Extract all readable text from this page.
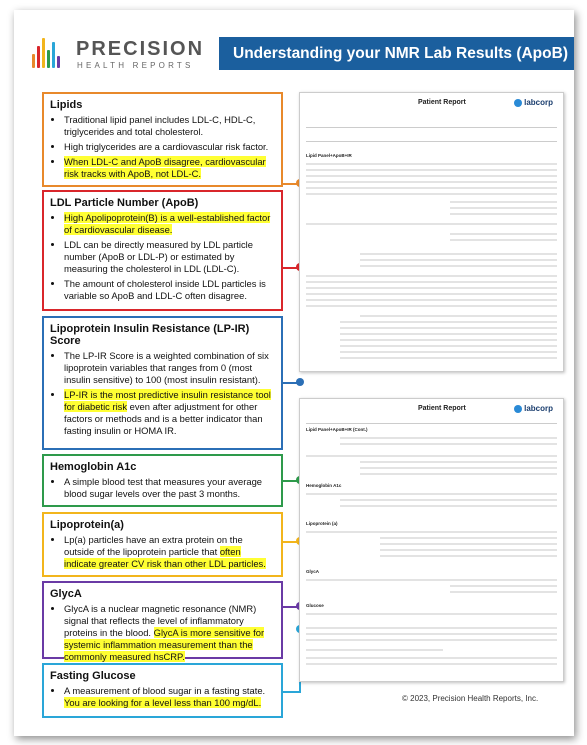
PRECISION
HEALTH REPORTS
Understanding your NMR Lab Results (ApoB)
Lipids
• Traditional lipid panel includes LDL-C, HDL-C, triglycerides and total cholesterol.
• High triglycerides are a cardiovascular risk factor.
• When LDL-C and ApoB disagree, cardiovascular risk tracks with ApoB, not LDL-C.
LDL Particle Number (ApoB)
• High Apolipoprotein(B) is a well-established factor of cardiovascular disease.
• LDL can be directly measured by LDL particle number (ApoB or LDL-P) or estimated by measuring the cholesterol in LDL (LDL-C).
• The amount of cholesterol inside LDL particles is variable so ApoB and LDL-C often disagree.
Lipoprotein Insulin Resistance (LP-IR) Score
• The LP-IR Score is a weighted combination of six lipoprotein variables that ranges from 0 (most insulin sensitive) to 100 (most insulin resistant).
• LP-IR is the most predictive insulin resistance tool for diabetic risk even after adjustment for other factors or methods and is a better indicator than fasting insulin or HOMA IR.
Hemoglobin A1c
• A simple blood test that measures your average blood sugar levels over the past 3 months.
Lipoprotein(a)
• Lp(a) particles have an extra protein on the outside of the lipoprotein particle that often indicate greater CV risk than other LDL particles.
GlycA
• GlycA is a nuclear magnetic resonance (NMR) signal that reflects the level of inflammatory proteins in the blood. GlycA is more sensitive for systemic inflammation measurement than the commonly measured hsCRP.
Fasting Glucose
• A measurement of blood sugar in a fasting state. You are looking for a level less than 100 mg/dL.
Patient Report	labcorp
Lipid Panel+ApoB+IR
Patient Report	labcorp
Lipid Panel+ApoB+IR (Cont.)
Hemoglobin A1c
Lipoprotein (a)
GlycA
Glucose
© 2023, Precision Health Reports, Inc.
